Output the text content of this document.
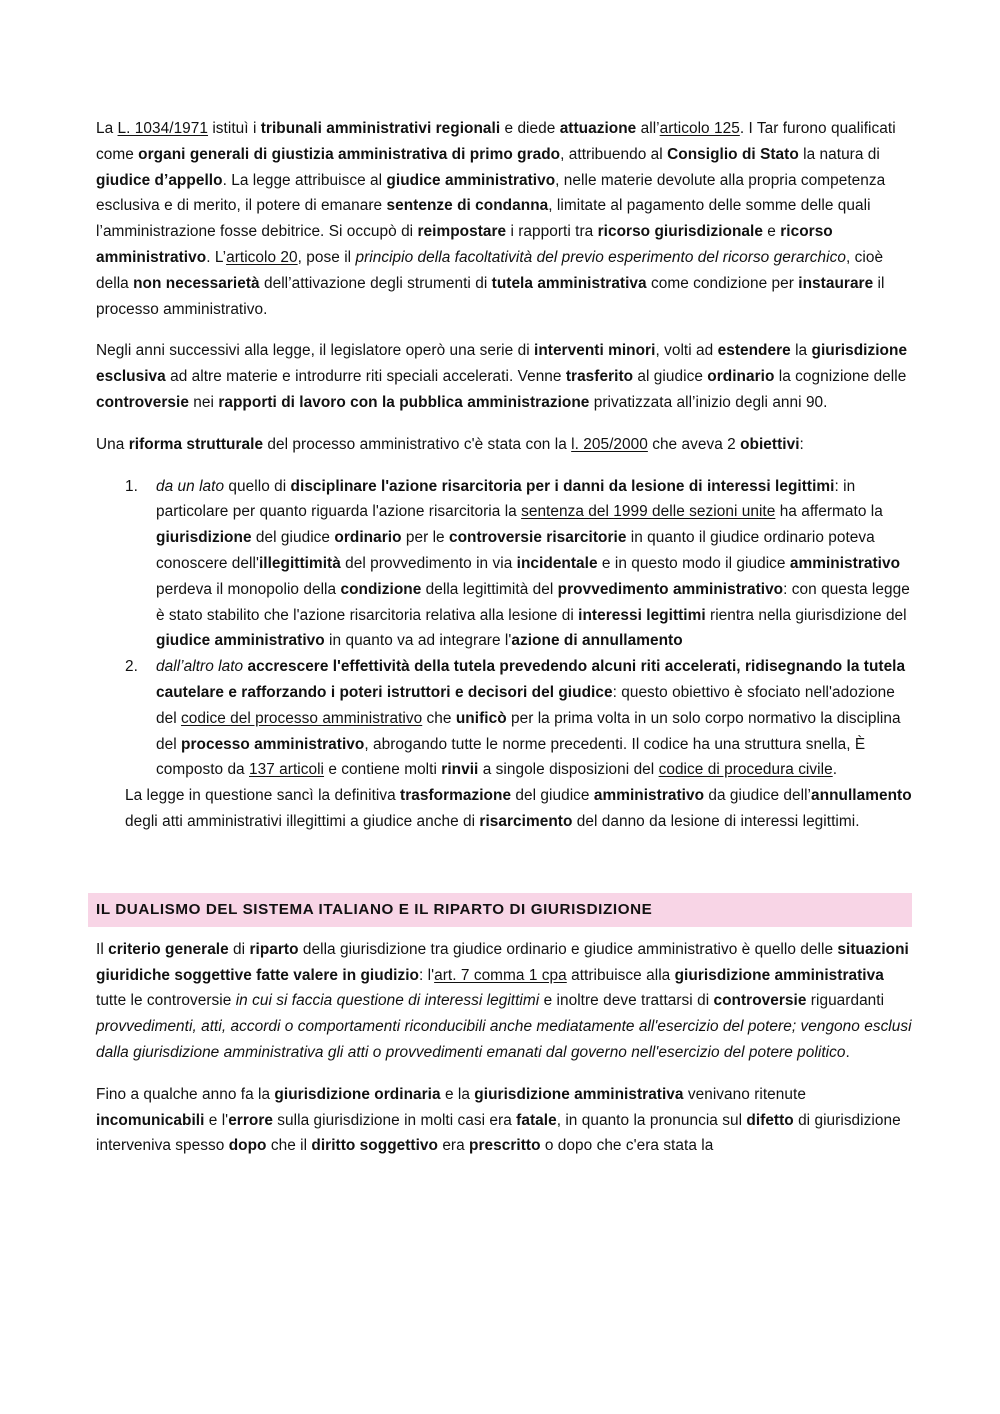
La L. 1034/1971 istituì i tribunali amministrativi regionali e diede attuazione all’articolo 125. I Tar furono qualificati come organi generali di giustizia amministrativa di primo grado, attribuendo al Consiglio di Stato la natura di giudice d’appello. La legge attribuisce al giudice amministrativo, nelle materie devolute alla propria competenza esclusiva e di merito, il potere di emanare sentenze di condanna, limitate al pagamento delle somme delle quali l’amministrazione fosse debitrice. Si occupò di reimpostare i rapporti tra ricorso giurisdizionale e ricorso amministrativo. L’articolo 20, pose il principio della facoltatività del previo esperimento del ricorso gerarchico, cioè della non necessarietà dell’attivazione degli strumenti di tutela amministrativa come condizione per instaurare il processo amministrativo.

Negli anni successivi alla legge, il legislatore operò una serie di interventi minori, volti ad estendere la giurisdizione esclusiva ad altre materie e introdurre riti speciali accelerati. Venne trasferito al giudice ordinario la cognizione delle controversie nei rapporti di lavoro con la pubblica amministrazione privatizzata all’inizio degli anni 90.

Una riforma strutturale del processo amministrativo c'è stata con la l. 205/2000 che aveva 2 obiettivi:

1. da un lato quello di disciplinare l'azione risarcitoria per i danni da lesione di interessi legittimi: in particolare per quanto riguarda l'azione risarcitoria la sentenza del 1999 delle sezioni unite ha affermato la giurisdizione del giudice ordinario per le controversie risarcitorie in quanto il giudice ordinario poteva conoscere dell'illegittimità del provvedimento in via incidentale e in questo modo il giudice amministrativo perdeva il monopolio della condizione della legittimità del provvedimento amministrativo: con questa legge è stato stabilito che l'azione risarcitoria relativa alla lesione di interessi legittimi rientra nella giurisdizione del giudice amministrativo in quanto va ad integrare l'azione di annullamento
2. dall’altro lato accrescere l'effettività della tutela prevedendo alcuni riti accelerati, ridisegnando la tutela cautelare e rafforzando i poteri istruttori e decisori del giudice: questo obiettivo è sfociato nell'adozione del codice del processo amministrativo che unificò per la prima volta in un solo corpo normativo la disciplina del processo amministrativo, abrogando tutte le norme precedenti. Il codice ha una struttura snella, È composto da 137 articoli e contiene molti rinvii a singole disposizioni del codice di procedura civile.

La legge in questione sancì la definitiva trasformazione del giudice amministrativo da giudice dell’annullamento degli atti amministrativi illegittimi a giudice anche di risarcimento del danno da lesione di interessi legittimi.

IL DUALISMO DEL SISTEMA ITALIANO E IL RIPARTO DI GIURISDIZIONE

Il criterio generale di riparto della giurisdizione tra giudice ordinario e giudice amministrativo è quello delle situazioni giuridiche soggettive fatte valere in giudizio: l'art. 7 comma 1 cpa attribuisce alla giurisdizione amministrativa tutte le controversie in cui si faccia questione di interessi legittimi e inoltre deve trattarsi di controversie riguardanti provvedimenti, atti, accordi o comportamenti riconducibili anche mediatamente all'esercizio del potere; vengono esclusi dalla giurisdizione amministrativa gli atti o provvedimenti emanati dal governo nell'esercizio del potere politico.

Fino a qualche anno fa la giurisdizione ordinaria e la giurisdizione amministrativa venivano ritenute incomunicabili e l'errore sulla giurisdizione in molti casi era fatale, in quanto la pronuncia sul difetto di giurisdizione interveniva spesso dopo che il diritto soggettivo era prescritto o dopo che c'era stata la
